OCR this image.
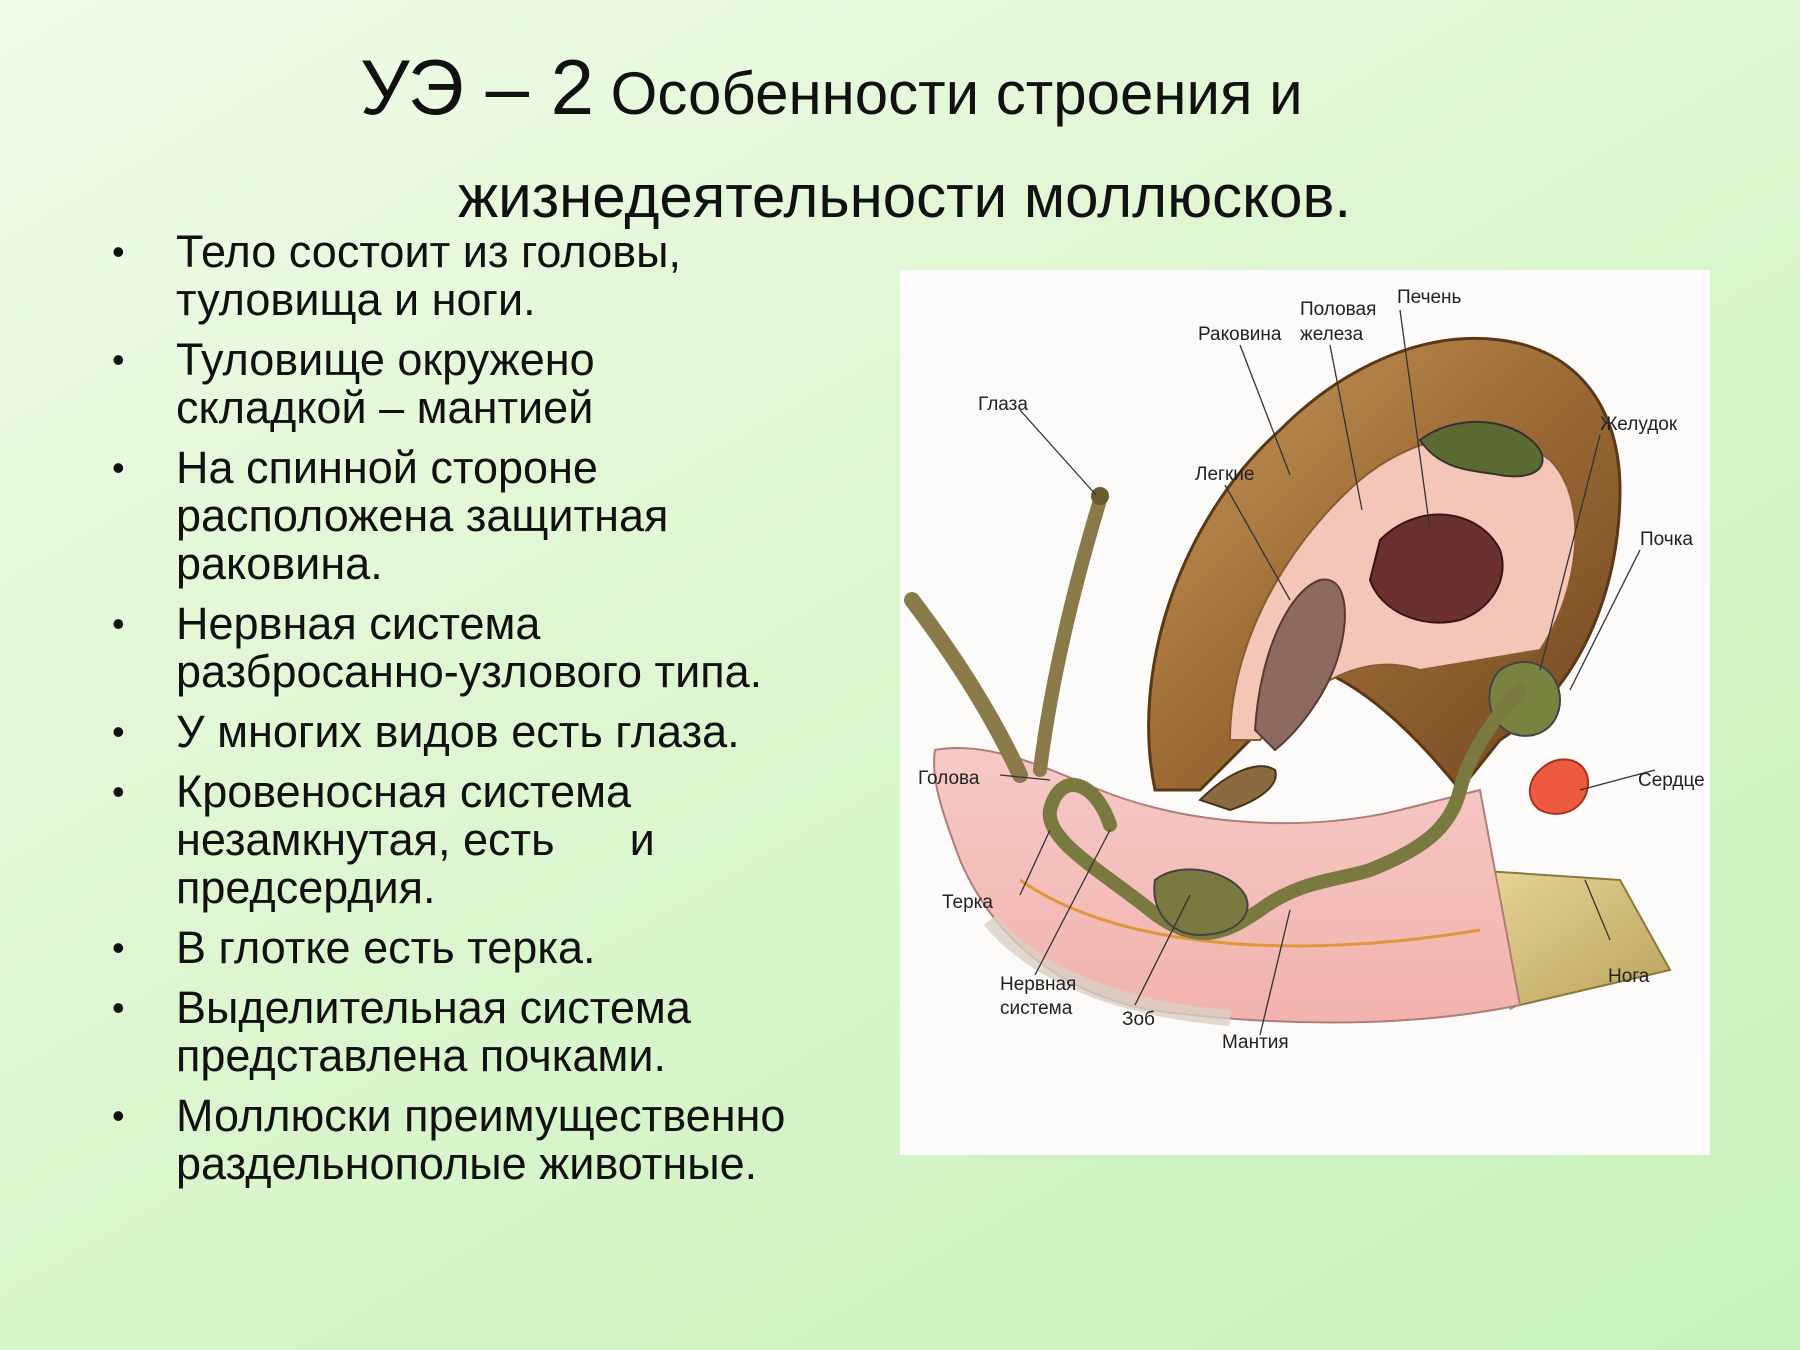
УЭ – 2 Особенности строения и
жизнедеятельности моллюсков.
• Тело состоит из головы,
туловища и ноги.
• Туловище окружено
складкой – мантией
• На спинной стороне
расположена защитная
раковина.
• Нервная система
разбросанно-узлового типа.
• У многих видов есть глаза.
• Кровеносная система
незамкнутая, есть      и
предсердия.
• В глотке есть терка.
• Выделительная система
представлена почками.
• Моллюски преимущественно
раздельнополые животные.
Раковина
Половая
железа
Печень
Желудок
Глаза
Легкие
Почка
Сердце
Голова
Терка
Нервная
система
Зоб
Мантия
Нога
